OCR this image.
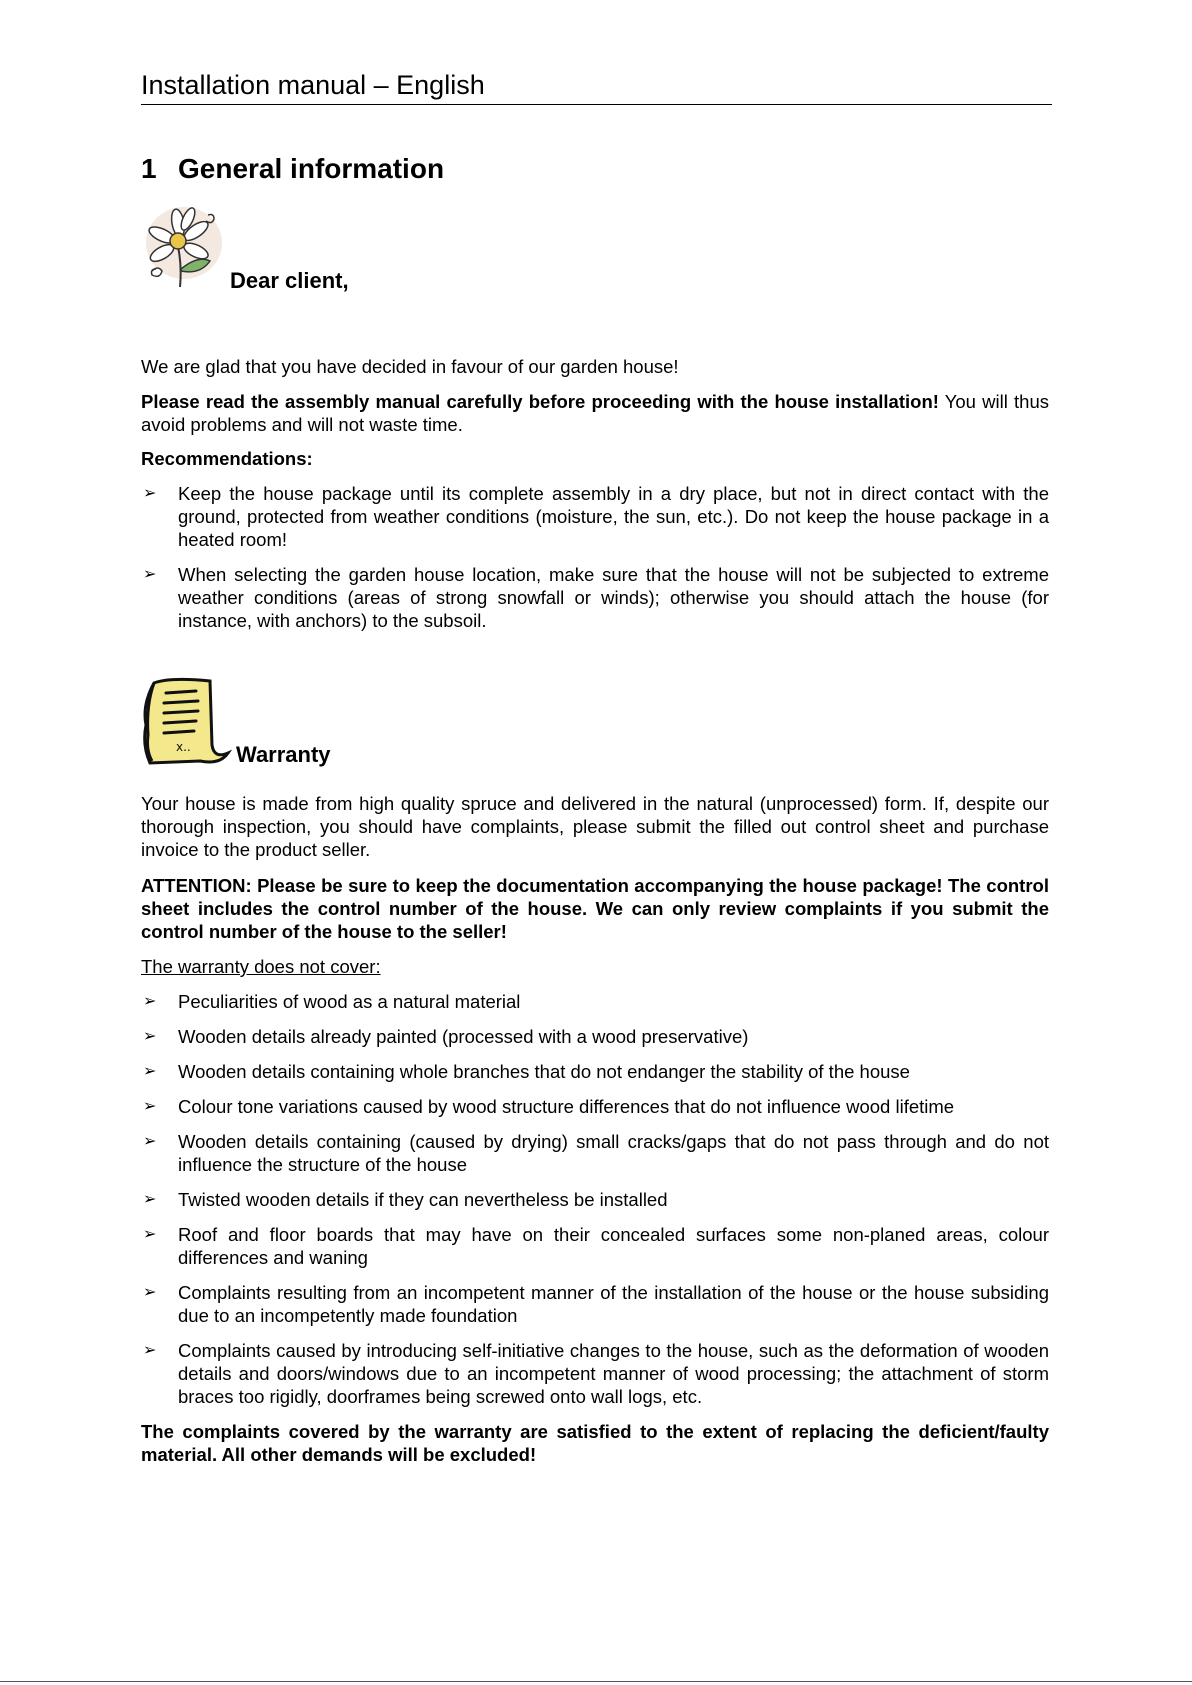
Installation manual – English
1 General information
Dear client,
We are glad that you have decided in favour of our garden house!
Please read the assembly manual carefully before proceeding with the house installation! You will thus avoid problems and will not waste time.
Recommendations:
➢ Keep the house package until its complete assembly in a dry place, but not in direct contact with the ground, protected from weather conditions (moisture, the sun, etc.). Do not keep the house package in a heated room!
➢ When selecting the garden house location, make sure that the house will not be subjected to extreme weather conditions (areas of strong snowfall or winds); otherwise you should attach the house (for instance, with anchors) to the subsoil.
x.. Warranty
Your house is made from high quality spruce and delivered in the natural (unprocessed) form. If, despite our thorough inspection, you should have complaints, please submit the filled out control sheet and purchase invoice to the product seller.
ATTENTION: Please be sure to keep the documentation accompanying the house package! The control sheet includes the control number of the house. We can only review complaints if you submit the control number of the house to the seller!
The warranty does not cover:
➢ Peculiarities of wood as a natural material
➢ Wooden details already painted (processed with a wood preservative)
➢ Wooden details containing whole branches that do not endanger the stability of the house
➢ Colour tone variations caused by wood structure differences that do not influence wood lifetime
➢ Wooden details containing (caused by drying) small cracks/gaps that do not pass through and do not influence the structure of the house
➢ Twisted wooden details if they can nevertheless be installed
➢ Roof and floor boards that may have on their concealed surfaces some non-planed areas, colour differences and waning
➢ Complaints resulting from an incompetent manner of the installation of the house or the house subsiding due to an incompetently made foundation
➢ Complaints caused by introducing self-initiative changes to the house, such as the deformation of wooden details and doors/windows due to an incompetent manner of wood processing; the attachment of storm braces too rigidly, doorframes being screwed onto wall logs, etc.
The complaints covered by the warranty are satisfied to the extent of replacing the deficient/faulty material. All other demands will be excluded!
